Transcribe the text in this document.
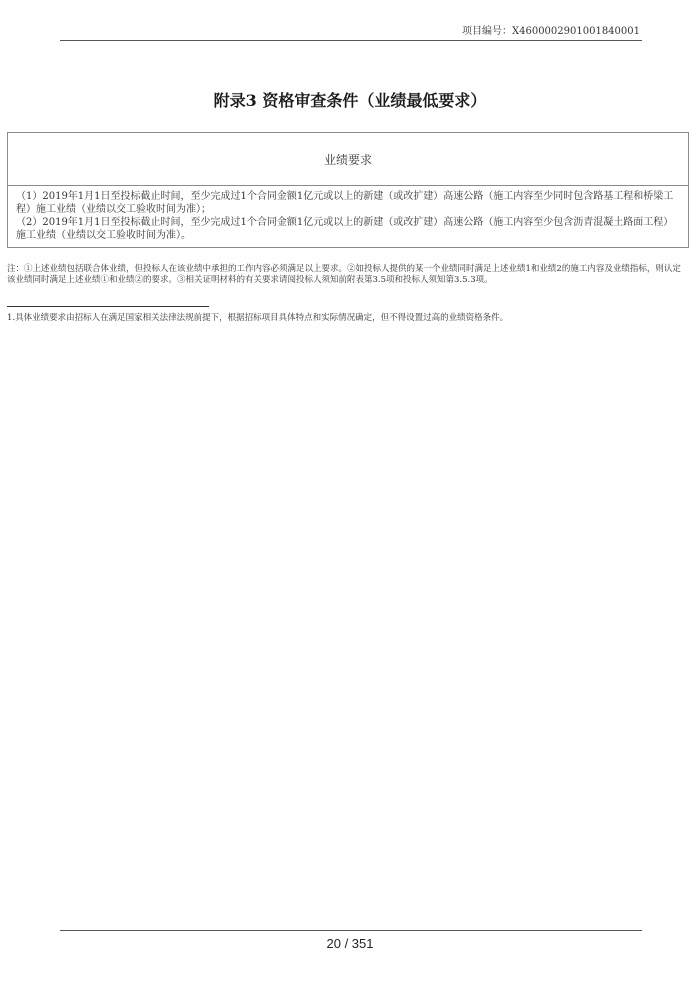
项目编号：X4600002901001840001
附录3 资格审查条件（业绩最低要求）
业绩要求

（1）2019年1月1日至投标截止时间，至少完成过1个合同金额1亿元或以上的新建（或改扩建）高速公路（施工内容至少同时包含路基工程和桥梁工程）施工业绩（业绩以交工验收时间为准）；

（2）2019年1月1日至投标截止时间，至少完成过1个合同金额1亿元或以上的新建（或改扩建）高速公路（施工内容至少包含沥青混凝土路面工程）施工业绩（业绩以交工验收时间为准）。

注：①上述业绩包括联合体业绩，但投标人在该业绩中承担的工作内容必须满足以上要求。②如投标人提供的某一个业绩同时满足上述业绩1和业绩2的施工内容及业绩指标，则认定该业绩同时满足上述业绩①和业绩②的要求。③相关证明材料的有关要求请阅投标人须知前附表第3.5项和投标人须知第3.5.3项。

1.具体业绩要求由招标人在满足国家相关法律法规前提下，根据招标项目具体特点和实际情况确定，但不得设置过高的业绩资格条件。

20 / 351
